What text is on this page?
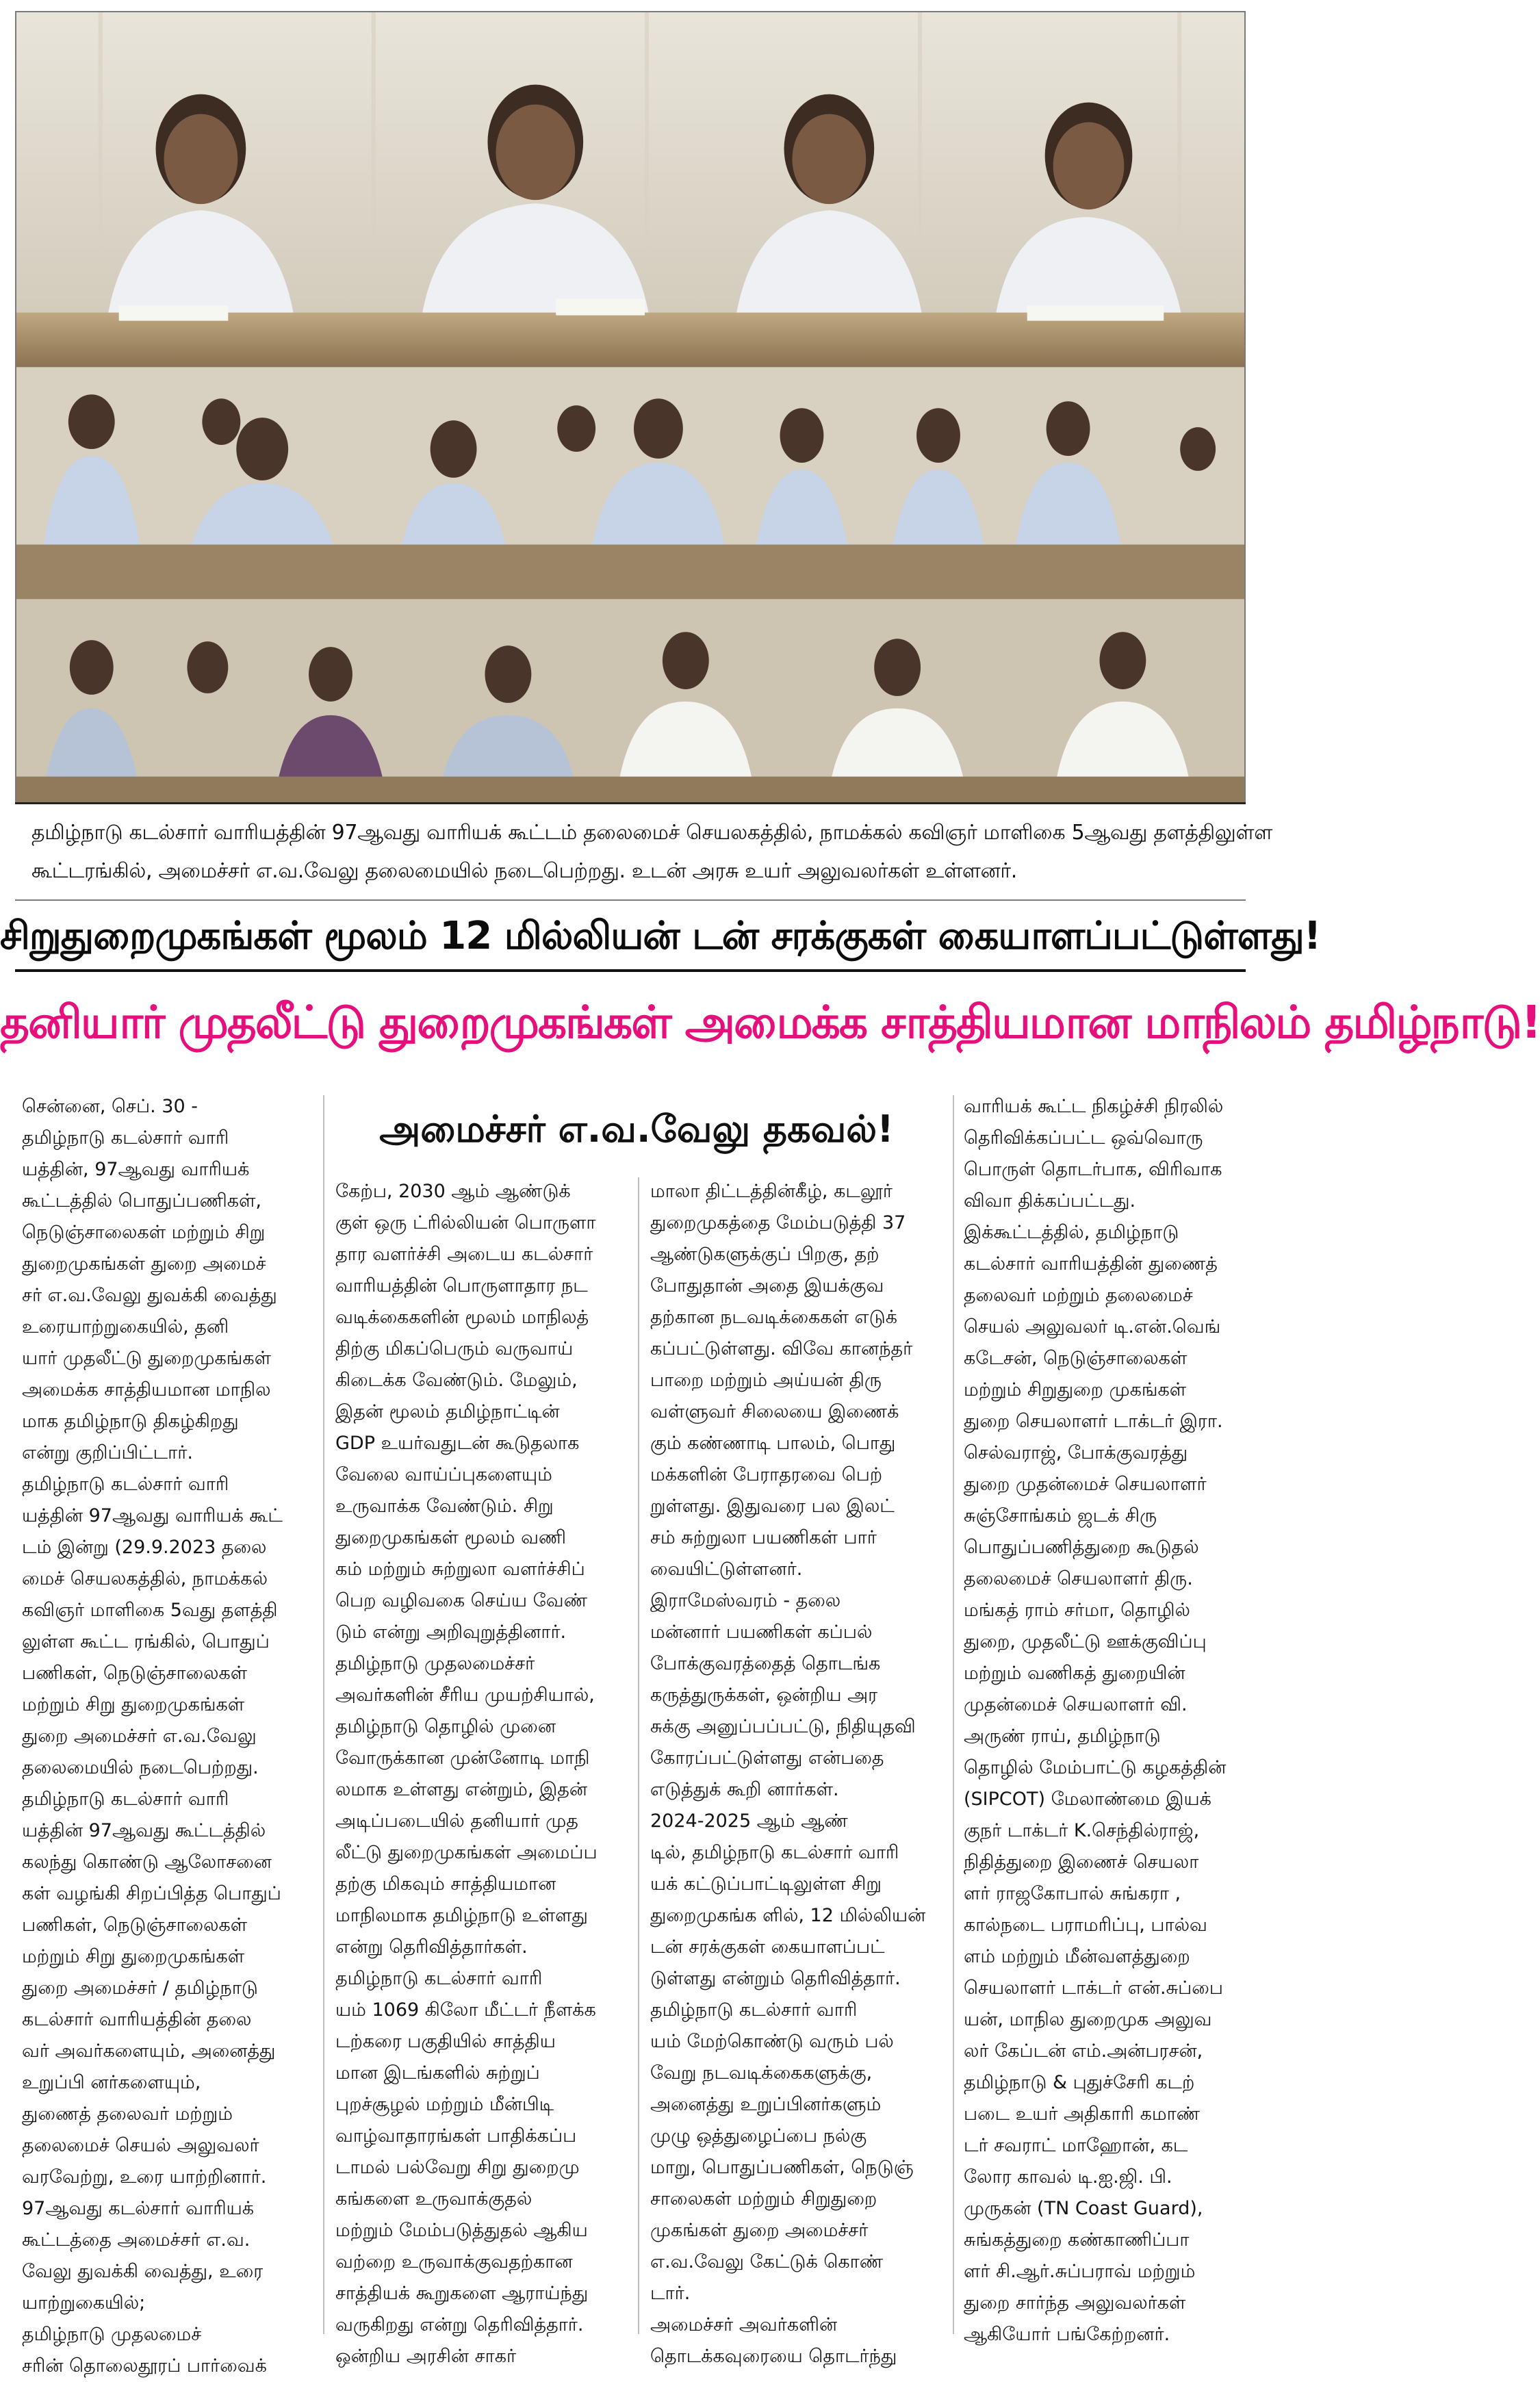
தமிழ்நாடு கடல்சார் வாரியத்தின் 97ஆவது வாரியக் கூட்டம் தலைமைச் செயலகத்தில், நாமக்கல் கவிஞர் மாளிகை 5ஆவது தளத்திலுள்ள

கூட்டரங்கில், அமைச்சர் எ.வ.வேலு தலைமையில் நடைபெற்றது. உடன் அரசு உயர் அலுவலர்கள் உள்ளனர்.

சிறுதுறைமுகங்கள் மூலம் 12 மில்லியன் டன் சரக்குகள் கையாளப்பட்டுள்ளது!
தனியார் முதலீட்டு துறைமுகங்கள் அமைக்க சாத்தியமான மாநிலம் தமிழ்நாடு!
அமைச்சர் எ.வ.வேலு தகவல்!

சென்னை, செப். 30 -

தமிழ்நாடு கடல்சார் வாரி

யத்தின், 97ஆவது வாரியக்

கூட்டத்தில் பொதுப்பணிகள்,

நெடுஞ்சாலைகள் மற்றும் சிறு

துறைமுகங்கள் துறை அமைச்

சர் எ.வ.வேலு துவக்கி வைத்து

உரையாற்றுகையில், தனி

யார் முதலீட்டு துறைமுகங்கள்

அமைக்க சாத்தியமான மாநில

மாக தமிழ்நாடு திகழ்கிறது

என்று குறிப்பிட்டார்.

தமிழ்நாடு கடல்சார் வாரி

யத்தின் 97ஆவது வாரியக் கூட்

டம் இன்று (29.9.2023 தலை

மைச் செயலகத்தில், நாமக்கல்

கவிஞர் மாளிகை 5வது தளத்தி

லுள்ள கூட்ட ரங்கில், பொதுப்

பணிகள், நெடுஞ்சாலைகள்

மற்றும் சிறு துறைமுகங்கள்

துறை அமைச்சர் எ.வ.வேலு

தலைமையில் நடைபெற்றது.

தமிழ்நாடு கடல்சார் வாரி

யத்தின் 97ஆவது கூட்டத்தில்

கலந்து கொண்டு ஆலோசனை

கள் வழங்கி சிறப்பித்த பொதுப்

பணிகள், நெடுஞ்சாலைகள்

மற்றும் சிறு துறைமுகங்கள்

துறை அமைச்சர் / தமிழ்நாடு

கடல்சார் வாரியத்தின் தலை

வர் அவர்களையும், அனைத்து

உறுப்பி னர்களையும்,

துணைத் தலைவர் மற்றும்

தலைமைச் செயல் அலுவலர்

வரவேற்று, உரை யாற்றினார்.

97ஆவது கடல்சார் வாரியக்

கூட்டத்தை அமைச்சர் எ.வ.

வேலு துவக்கி வைத்து, உரை

யாற்றுகையில்;

தமிழ்நாடு முதலமைச்

சரின் தொலைதூரப் பார்வைக்

கேற்ப, 2030 ஆம் ஆண்டுக்

குள் ஒரு ட்ரில்லியன் பொருளா

தார வளர்ச்சி அடைய கடல்சார்

வாரியத்தின் பொருளாதார நட

வடிக்கைகளின் மூலம் மாநிலத்

திற்கு மிகப்பெரும் வருவாய்

கிடைக்க வேண்டும். மேலும்,

இதன் மூலம் தமிழ்நாட்டின்

GDP உயர்வதுடன் கூடுதலாக

வேலை வாய்ப்புகளையும்

உருவாக்க வேண்டும். சிறு

துறைமுகங்கள் மூலம் வணி

கம் மற்றும் சுற்றுலா வளர்ச்சிப்

பெற வழிவகை செய்ய வேண்

டும் என்று அறிவுறுத்தினார்.

தமிழ்நாடு முதலமைச்சர்

அவர்களின் சீரிய முயற்சியால்,

தமிழ்நாடு தொழில் முனை

வோருக்கான முன்னோடி மாநி

லமாக உள்ளது என்றும், இதன்

அடிப்படையில் தனியார் முத

லீட்டு துறைமுகங்கள் அமைப்ப

தற்கு மிகவும் சாத்தியமான

மாநிலமாக தமிழ்நாடு உள்ளது

என்று தெரிவித்தார்கள்.

தமிழ்நாடு கடல்சார் வாரி

யம் 1069 கிலோ மீட்டர் நீளக்க

டற்கரை பகுதியில் சாத்திய

மான இடங்களில் சுற்றுப்

புறச்சூழல் மற்றும் மீன்பிடி

வாழ்வாதாரங்கள் பாதிக்கப்ப

டாமல் பல்வேறு சிறு துறைமு

கங்களை உருவாக்குதல்

மற்றும் மேம்படுத்துதல் ஆகிய

வற்றை உருவாக்குவதற்கான

சாத்தியக் கூறுகளை ஆராய்ந்து

வருகிறது என்று தெரிவித்தார்.

ஒன்றிய அரசின் சாகர்

மாலா திட்டத்தின்கீழ், கடலூர்

துறைமுகத்தை மேம்படுத்தி 37

ஆண்டுகளுக்குப் பிறகு, தற்

போதுதான் அதை இயக்குவ

தற்கான நடவடிக்கைகள் எடுக்

கப்பட்டுள்ளது. விவே கானந்தர்

பாறை மற்றும் அய்யன் திரு

வள்ளுவர் சிலையை இணைக்

கும் கண்ணாடி பாலம், பொது

மக்களின் பேராதரவை பெற்

றுள்ளது. இதுவரை பல இலட்

சம் சுற்றுலா பயணிகள் பார்

வையிட்டுள்ளனர்.

இராமேஸ்வரம் - தலை

மன்னார் பயணிகள் கப்பல்

போக்குவரத்தைத் தொடங்க

கருத்துருக்கள், ஒன்றிய அர

சுக்கு அனுப்பப்பட்டு, நிதியுதவி

கோரப்பட்டுள்ளது என்பதை

எடுத்துக் கூறி னார்கள்.

2024-2025 ஆம் ஆண்

டில், தமிழ்நாடு கடல்சார் வாரி

யக் கட்டுப்பாட்டிலுள்ள சிறு

துறைமுகங்க ளில், 12 மில்லியன்

டன் சரக்குகள் கையாளப்பட்

டுள்ளது என்றும் தெரிவித்தார்.

தமிழ்நாடு கடல்சார் வாரி

யம் மேற்கொண்டு வரும் பல்

வேறு நடவடிக்கைகளுக்கு,

அனைத்து உறுப்பினர்களும்

முழு ஒத்துழைப்பை நல்கு

மாறு, பொதுப்பணிகள், நெடுஞ்

சாலைகள் மற்றும் சிறுதுறை

முகங்கள் துறை அமைச்சர்

எ.வ.வேலு கேட்டுக் கொண்

டார்.

அமைச்சர் அவர்களின்

தொடக்கவுரையை தொடர்ந்து

வாரியக் கூட்ட நிகழ்ச்சி நிரலில்

தெரிவிக்கப்பட்ட ஒவ்வொரு

பொருள் தொடர்பாக, விரிவாக

விவா திக்கப்பட்டது.

இக்கூட்டத்தில், தமிழ்நாடு

கடல்சார் வாரியத்தின் துணைத்

தலைவர் மற்றும் தலைமைச்

செயல் அலுவலர் டி.என்.வெங்

கடேசன், நெடுஞ்சாலைகள்

மற்றும் சிறுதுறை முகங்கள்

துறை செயலாளர் டாக்டர் இரா.

செல்வராஜ், போக்குவரத்து

துறை முதன்மைச் செயலாளர்

சுஞ்சோங்கம் ஜடக் சிரு

பொதுப்பணித்துறை கூடுதல்

தலைமைச் செயலாளர் திரு.

மங்கத் ராம் சர்மா, தொழில்

துறை, முதலீட்டு ஊக்குவிப்பு

மற்றும் வணிகத் துறையின்

முதன்மைச் செயலாளர் வி.

அருண் ராய், தமிழ்நாடு

தொழில் மேம்பாட்டு கழகத்தின்

(SIPCOT) மேலாண்மை இயக்

குநர் டாக்டர் K.செந்தில்ராஜ்,

நிதித்துறை இணைச் செயலா

ளர் ராஜகோபால் சுங்கரா ,

கால்நடை பராமரிப்பு, பால்வ

ளம் மற்றும் மீன்வளத்துறை

செயலாளர் டாக்டர் என்.சுப்பை

யன், மாநில துறைமுக அலுவ

லர் கேப்டன் எம்.அன்பரசன்,

தமிழ்நாடு & புதுச்சேரி கடற்

படை உயர் அதிகாரி கமாண்

டர் சவராட் மாஹோன், கட

லோர காவல் டி.ஐ.ஜி. பி.

முருகன் (TN Coast Guard),

சுங்கத்துறை கண்காணிப்பா

ளர் சி.ஆர்.சுப்பராவ் மற்றும்

துறை சார்ந்த அலுவலர்கள்

ஆகியோர் பங்கேற்றனர்.
